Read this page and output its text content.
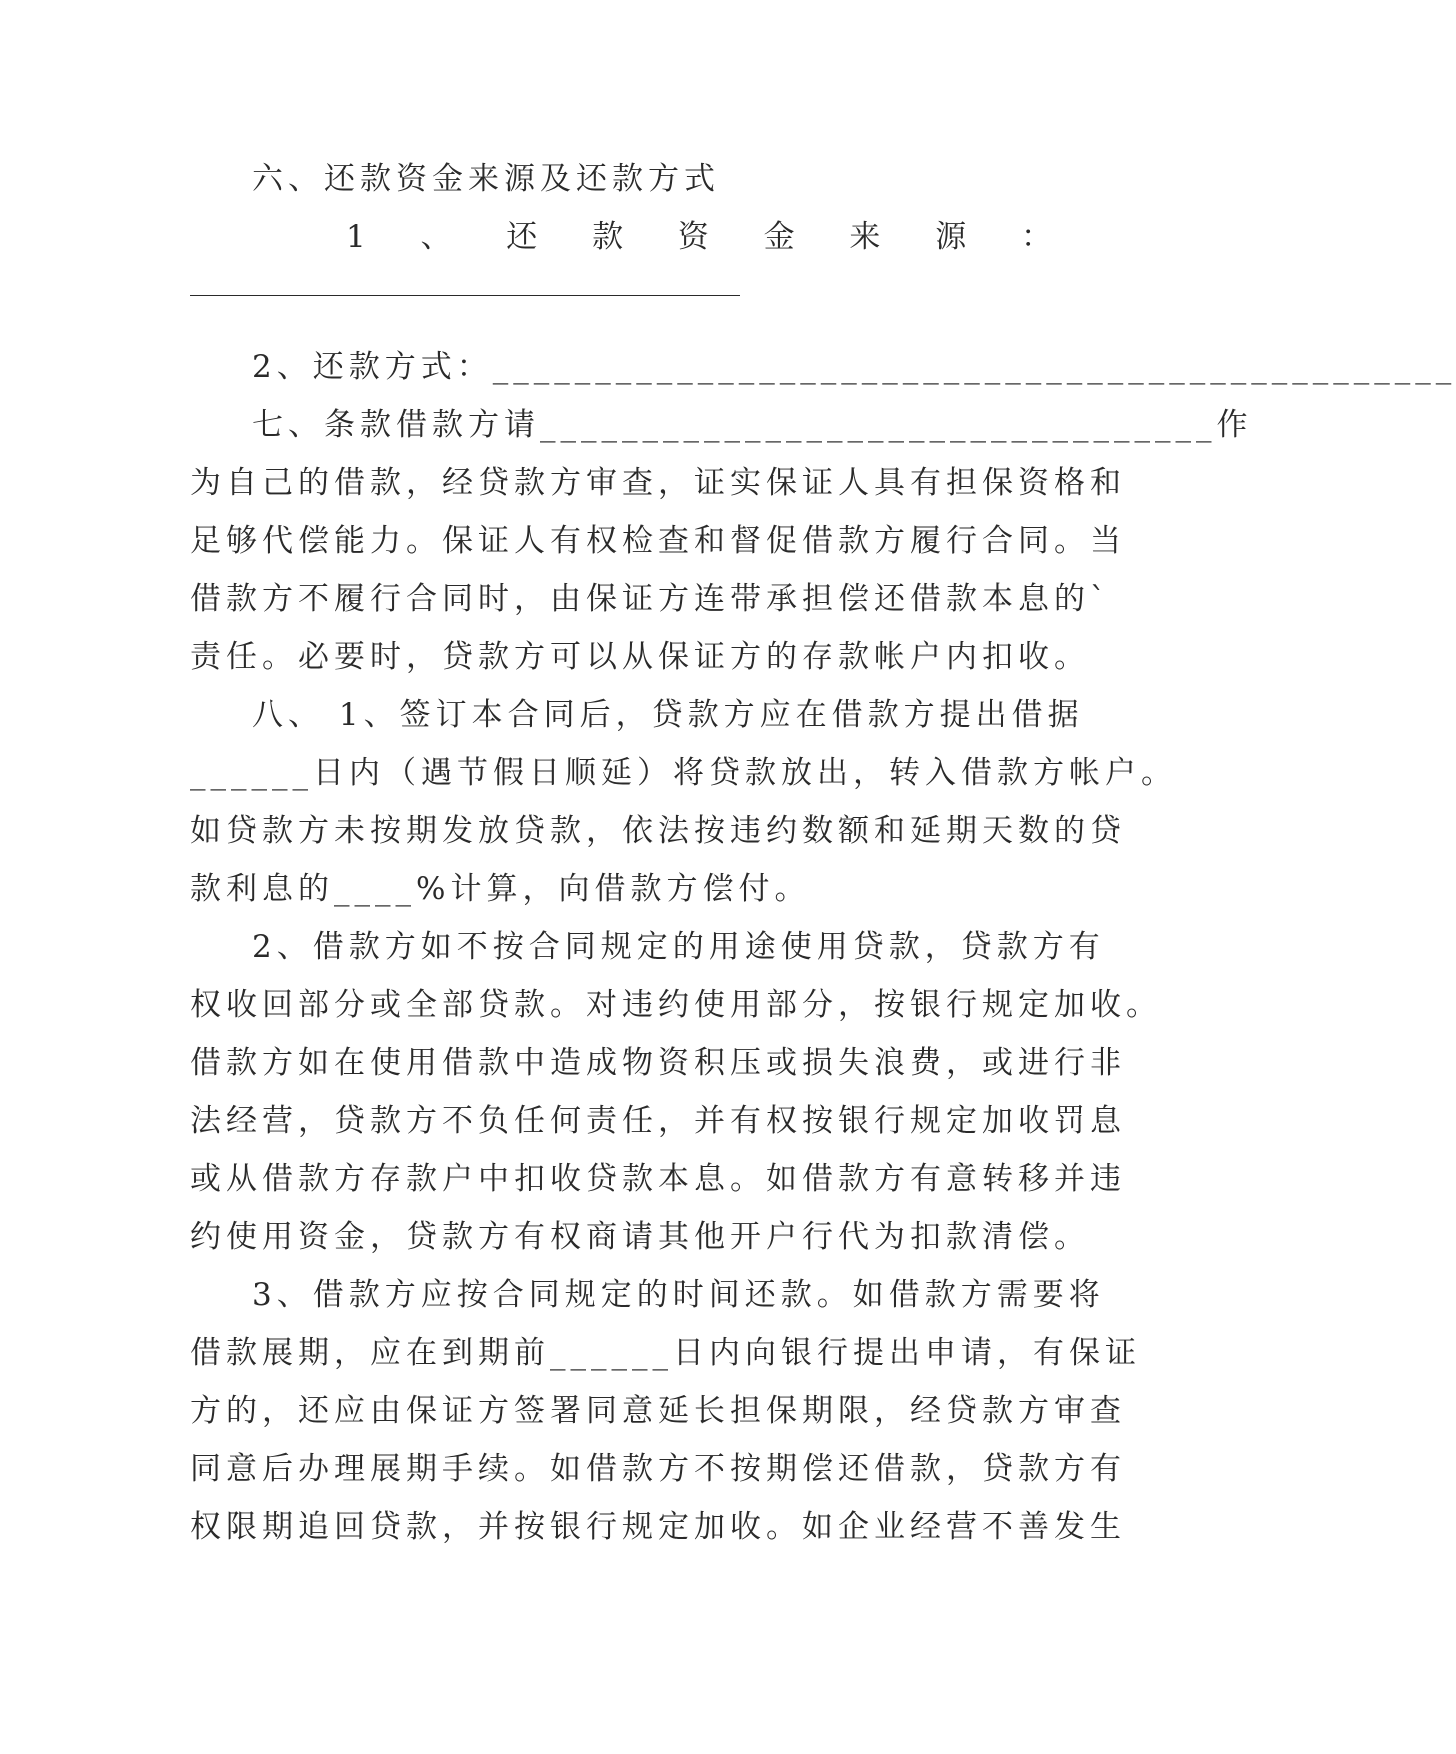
六、还款资金来源及还款方式
1 、 还 款 资 金 来 源 ：
2、还款方式：_______________________________________________
七、条款借款方请_________________________________作
为自己的借款，经贷款方审查，证实保证人具有担保资格和
足够代偿能力。保证人有权检查和督促借款方履行合同。当
借款方不履行合同时，由保证方连带承担偿还借款本息的`
责任。必要时，贷款方可以从保证方的存款帐户内扣收。
八、 1、签订本合同后，贷款方应在借款方提出借据
______日内（遇节假日顺延）将贷款放出，转入借款方帐户。
如贷款方未按期发放贷款，依法按违约数额和延期天数的贷
款利息的____%计算，向借款方偿付。
2、借款方如不按合同规定的用途使用贷款，贷款方有
权收回部分或全部贷款。对违约使用部分，按银行规定加收。
借款方如在使用借款中造成物资积压或损失浪费，或进行非
法经营，贷款方不负任何责任，并有权按银行规定加收罚息
或从借款方存款户中扣收贷款本息。如借款方有意转移并违
约使用资金，贷款方有权商请其他开户行代为扣款清偿。
3、借款方应按合同规定的时间还款。如借款方需要将
借款展期，应在到期前______日内向银行提出申请，有保证
方的，还应由保证方签署同意延长担保期限，经贷款方审查
同意后办理展期手续。如借款方不按期偿还借款，贷款方有
权限期追回贷款，并按银行规定加收。如企业经营不善发生
